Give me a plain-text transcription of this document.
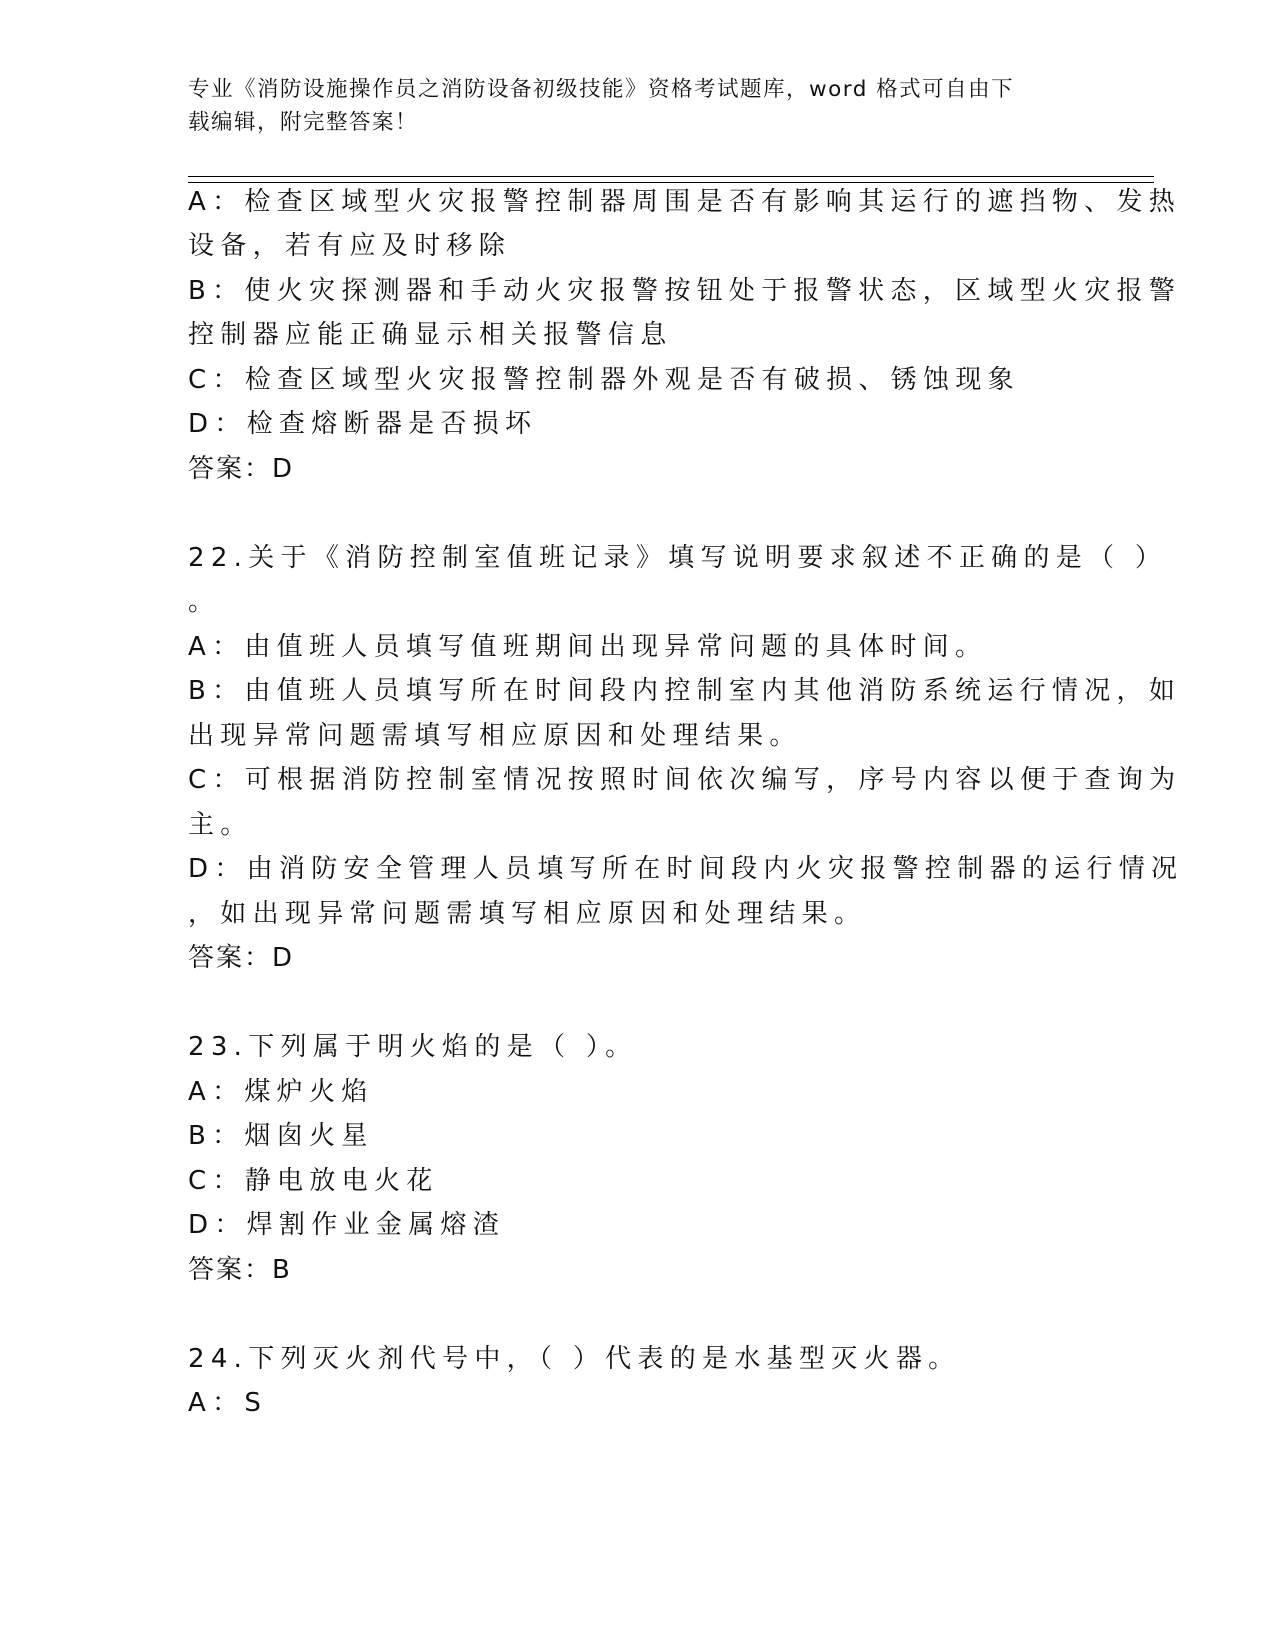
专业《消防设施操作员之消防设备初级技能》资格考试题库，word 格式可自由下
载编辑，附完整答案！
A：检查区域型火灾报警控制器周围是否有影响其运行的遮挡物、发热
设备，若有应及时移除
B：使火灾探测器和手动火灾报警按钮处于报警状态，区域型火灾报警
控制器应能正确显示相关报警信息
C：检查区域型火灾报警控制器外观是否有破损、锈蚀现象
D：检查熔断器是否损坏
答案：D
22.关于《消防控制室值班记录》填写说明要求叙述不正确的是（ ）
。
A：由值班人员填写值班期间出现异常问题的具体时间。
B：由值班人员填写所在时间段内控制室内其他消防系统运行情况，如
出现异常问题需填写相应原因和处理结果。
C：可根据消防控制室情况按照时间依次编写，序号内容以便于查询为
主。
D：由消防安全管理人员填写所在时间段内火灾报警控制器的运行情况
，如出现异常问题需填写相应原因和处理结果。
答案：D
23.下列属于明火焰的是（ ）。
A：煤炉火焰
B：烟囱火星
C：静电放电火花
D：焊割作业金属熔渣
答案：B
24.下列灭火剂代号中，（ ）代表的是水基型灭火器。
A：S
